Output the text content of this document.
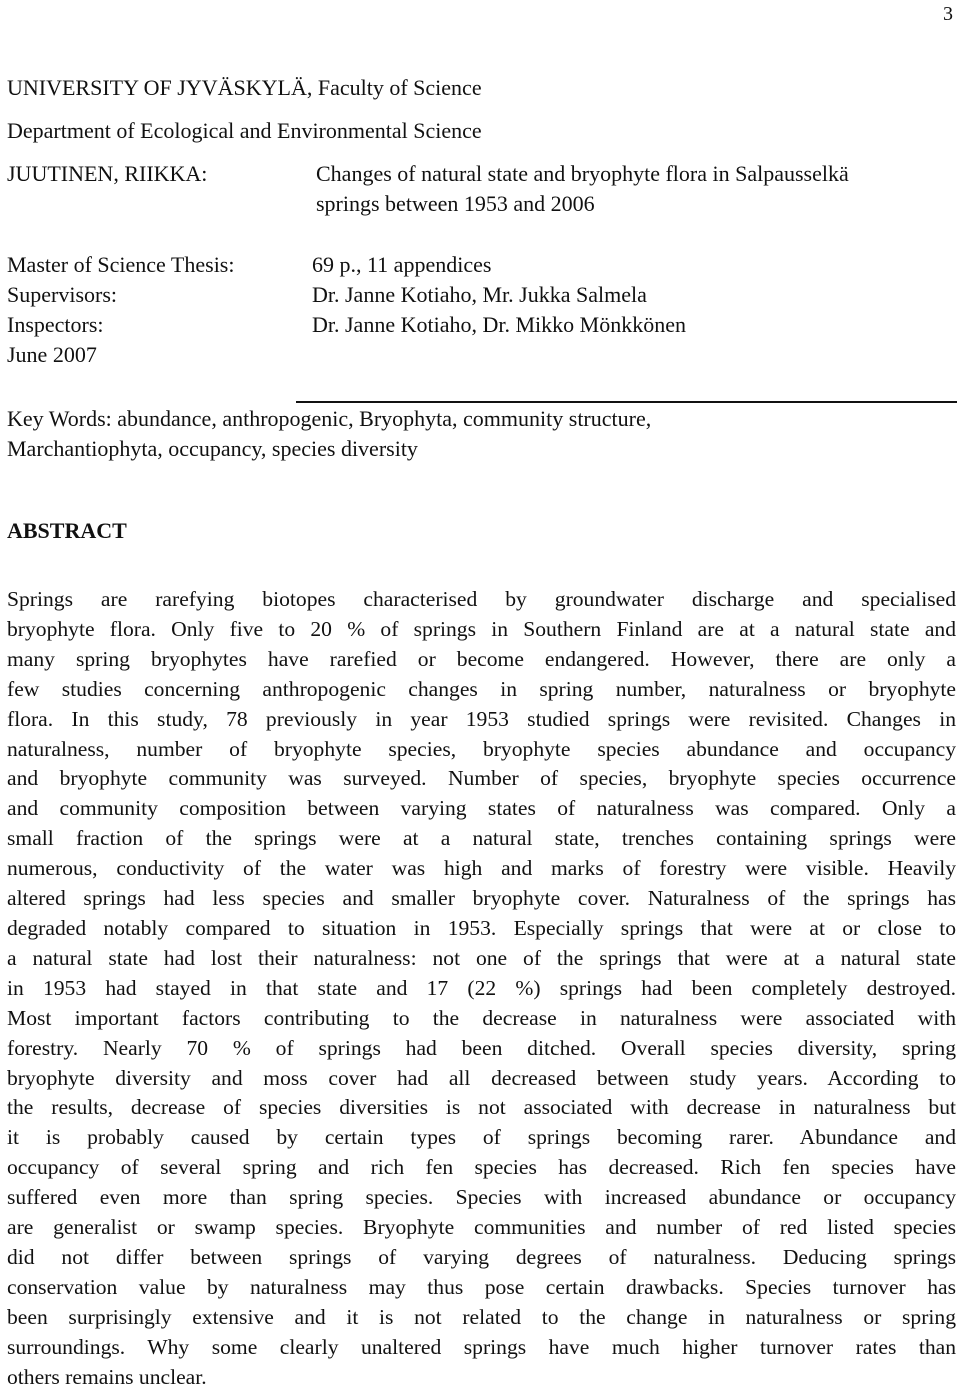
3
UNIVERSITY OF JYVÄSKYLÄ, Faculty of Science
Department of Ecological and Environmental Science
JUUTINEN, RIIKKA:	Changes of natural state and bryophyte flora in Salpausselkä
springs between 1953 and 2006
Master of Science Thesis:	69 p., 11 appendices
Supervisors:	Dr. Janne Kotiaho, Mr. Jukka Salmela
Inspectors:	Dr. Janne Kotiaho, Dr. Mikko Mönkkönen
June 2007
Key Words: abundance, anthropogenic, Bryophyta, community structure,
Marchantiophyta, occupancy, species diversity
ABSTRACT
Springs are rarefying biotopes characterised by groundwater discharge and specialised
bryophyte flora. Only five to 20 % of springs in Southern Finland are at a natural state and
many spring bryophytes have rarefied or become endangered. However, there are only a
few studies concerning anthropogenic changes in spring number, naturalness or bryophyte
flora. In this study, 78 previously in year 1953 studied springs were revisited. Changes in
naturalness, number of bryophyte species, bryophyte species abundance and occupancy
and bryophyte community was surveyed. Number of species, bryophyte species occurrence
and community composition between varying states of naturalness was compared. Only a
small fraction of the springs were at a natural state, trenches containing springs were
numerous, conductivity of the water was high and marks of forestry were visible. Heavily
altered springs had less species and smaller bryophyte cover. Naturalness of the springs has
degraded notably compared to situation in 1953. Especially springs that were at or close to
a natural state had lost their naturalness: not one of the springs that were at a natural state
in 1953 had stayed in that state and 17 (22 %) springs had been completely destroyed.
Most important factors contributing to the decrease in naturalness were associated with
forestry. Nearly 70 % of springs had been ditched. Overall species diversity, spring
bryophyte diversity and moss cover had all decreased between study years. According to
the results, decrease of species diversities is not associated with decrease in naturalness but
it is probably caused by certain types of springs becoming rarer. Abundance and
occupancy of several spring and rich fen species has decreased. Rich fen species have
suffered even more than spring species. Species with increased abundance or occupancy
are generalist or swamp species. Bryophyte communities and number of red listed species
did not differ between springs of varying degrees of naturalness. Deducing springs
conservation value by naturalness may thus pose certain drawbacks. Species turnover has
been surprisingly extensive and it is not related to the change in naturalness or spring
surroundings. Why some clearly unaltered springs have much higher turnover rates than
others remains unclear.
